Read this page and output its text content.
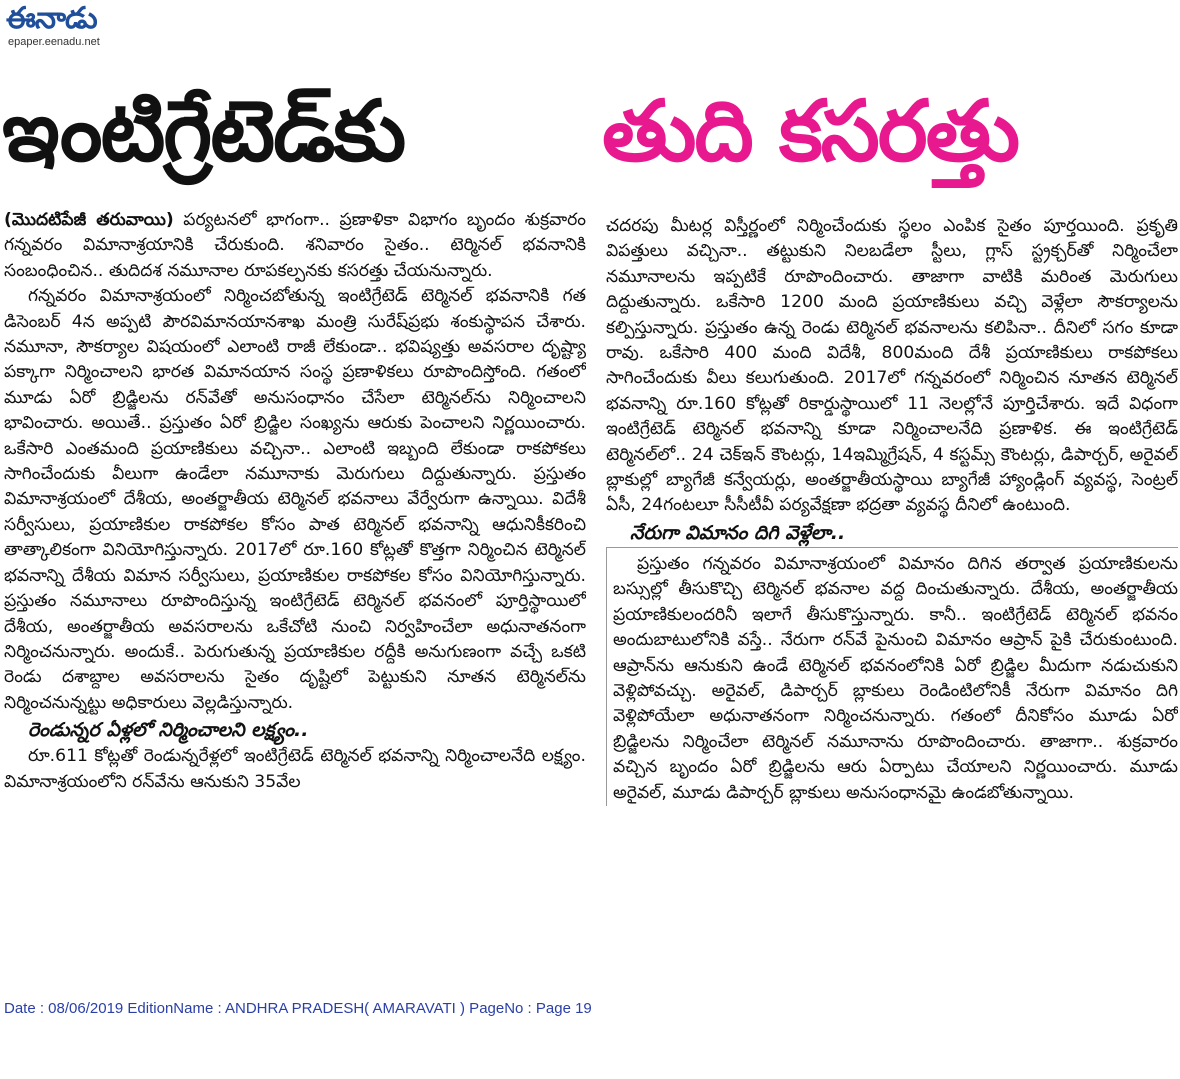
ఈనాడు
epaper.eenadu.net
ఇంటిగ్రేటెడ్‌కు తుది కసరత్తు

(మొదటిపేజీ తరువాయి) పర్యటనలో భాగంగా.. ప్రణాళికా విభాగం బృందం శుక్రవారం గన్నవరం విమానాశ్రయానికి చేరుకుంది. శనివారం సైతం.. టెర్మినల్‌ భవనానికి సంబంధించిన.. తుదిదశ నమూనాల రూపకల్పనకు కసరత్తు చేయనున్నారు.

గన్నవరం విమానాశ్రయంలో నిర్మించబోతున్న ఇంటిగ్రేటెడ్‌ టెర్మినల్‌ భవనానికి గత డిసెంబర్‌ 4న అప్పటి పౌరవిమానయానశాఖ మంత్రి సురేష్‌ప్రభు శంకుస్థాపన చేశారు. నమూనా, సౌకర్యాల విషయంలో ఎలాంటి రాజీ లేకుండా.. భవిష్యత్తు అవసరాల దృష్ట్యా పక్కాగా నిర్మించాలని భారత విమానయాన సంస్థ ప్రణాళికలు రూపొందిస్తోంది. గతంలో మూడు ఏరో బ్రిడ్జిలను రన్‌వేతో అనుసంధానం చేసేలా టెర్మినల్‌ను నిర్మించాలని భావించారు. అయితే.. ప్రస్తుతం ఏరో బ్రిడ్జిల సంఖ్యను ఆరుకు పెంచాలని నిర్ణయించారు. ఒకేసారి ఎంతమంది ప్రయాణికులు వచ్చినా.. ఎలాంటి ఇబ్బంది లేకుండా రాకపోకలు సాగించేందుకు వీలుగా ఉండేలా నమూనాకు మెరుగులు దిద్దుతున్నారు. ప్రస్తుతం విమానాశ్రయంలో దేశీయ, అంతర్జాతీయ టెర్మినల్‌ భవనాలు వేర్వేరుగా ఉన్నాయి. విదేశీ సర్వీసులు, ప్రయాణికుల రాకపోకల కోసం పాత టెర్మినల్‌ భవనాన్ని ఆధునికీకరించి తాత్కాలికంగా వినియోగిస్తున్నారు. 2017లో రూ.160 కోట్లతో కొత్తగా నిర్మించిన టెర్మినల్‌ భవనాన్ని దేశీయ విమాన సర్వీసులు, ప్రయాణికుల రాకపోకల కోసం వినియోగిస్తున్నారు. ప్రస్తుతం నమూనాలు రూపొందిస్తున్న ఇంటిగ్రేటెడ్‌ టెర్మినల్‌ భవనంలో పూర్తిస్థాయిలో దేశీయ, అంతర్జాతీయ అవసరాలను ఒకేచోటి నుంచి నిర్వహించేలా అధునాతనంగా నిర్మించనున్నారు. అందుకే.. పెరుగుతున్న ప్రయాణికుల రద్దీకి అనుగుణంగా వచ్చే ఒకటి రెండు దశాబ్దాల అవసరాలను సైతం దృష్టిలో పెట్టుకుని నూతన టెర్మినల్‌ను నిర్మించనున్నట్టు అధికారులు వెల్లడిస్తున్నారు.

రెండున్నర ఏళ్లలో నిర్మించాలని లక్ష్యం..

రూ.611 కోట్లతో రెండున్నరేళ్లలో ఇంటిగ్రేటెడ్‌ టెర్మినల్‌ భవనాన్ని నిర్మించాలనేది లక్ష్యం. విమానాశ్రయంలోని రన్‌వేను ఆనుకుని 35వేల

చదరపు మీటర్ల విస్తీర్ణంలో నిర్మించేందుకు స్థలం ఎంపిక సైతం పూర్తయింది. ప్రకృతి విపత్తులు వచ్చినా.. తట్టుకుని నిలబడేలా స్టీలు, గ్లాస్‌ స్ట్రక్చర్‌తో నిర్మించేలా నమూనాలను ఇప్పటికే రూపొందించారు. తాజాగా వాటికి మరింత మెరుగులు దిద్దుతున్నారు. ఒకేసారి 1200 మంది ప్రయాణికులు వచ్చి వెళ్లేలా సౌకర్యాలను కల్పిస్తున్నారు. ప్రస్తుతం ఉన్న రెండు టెర్మినల్‌ భవనాలను కలిపినా.. దీనిలో సగం కూడా రావు. ఒకేసారి 400 మంది విదేశీ, 800మంది దేశీ ప్రయాణికులు రాకపోకలు సాగించేందుకు వీలు కలుగుతుంది. 2017లో గన్నవరంలో నిర్మించిన నూతన టెర్మినల్‌ భవనాన్ని రూ.160 కోట్లతో రికార్డుస్థాయిలో 11 నెలల్లోనే పూర్తిచేశారు. ఇదే విధంగా ఇంటిగ్రేటెడ్‌ టెర్మినల్‌ భవనాన్ని కూడా నిర్మించాలనేది ప్రణాళిక. ఈ ఇంటిగ్రేటెడ్‌ టెర్మినల్‌లో.. 24 చెక్‌ఇన్‌ కౌంటర్లు, 14ఇమ్మిగ్రేషన్‌, 4 కస్టమ్స్‌ కౌంటర్లు, డిపార్చర్‌, అరైవల్‌ బ్లాకుల్లో బ్యాగేజీ కన్వేయర్లు, అంతర్జాతీయస్థాయి బ్యాగేజీ హ్యాండ్లింగ్‌ వ్యవస్థ, సెంట్రల్‌ ఏసీ, 24గంటలూ సీసీటీవీ పర్యవేక్షణా భద్రతా వ్యవస్థ దీనిలో ఉంటుంది.

నేరుగా విమానం దిగి వెళ్లేలా..

ప్రస్తుతం గన్నవరం విమానాశ్రయంలో విమానం దిగిన తర్వాత ప్రయాణికులను బస్సుల్లో తీసుకొచ్చి టెర్మినల్‌ భవనాల వద్ద దించుతున్నారు. దేశీయ, అంతర్జాతీయ ప్రయాణికులందరినీ ఇలాగే తీసుకొస్తున్నారు. కానీ.. ఇంటిగ్రేటెడ్‌ టెర్మినల్‌ భవనం అందుబాటులోనికి వస్తే.. నేరుగా రన్‌వే పైనుంచి విమానం ఆప్రాన్‌ పైకి చేరుకుంటుంది. ఆప్రాన్‌ను ఆనుకుని ఉండే టెర్మినల్‌ భవనంలోనికి ఏరో బ్రిడ్జిల మీదుగా నడుచుకుని వెళ్లిపోవచ్చు. అరైవల్‌, డిపార్చర్‌ బ్లాకులు రెండింటిలోనికీ నేరుగా విమానం దిగి వెళ్లిపోయేలా అధునాతనంగా నిర్మించనున్నారు. గతంలో దీనికోసం మూడు ఏరో బ్రిడ్జిలను నిర్మించేలా టెర్మినల్‌ నమూనాను రూపొందించారు. తాజాగా.. శుక్రవారం వచ్చిన బృందం ఏరో బ్రిడ్జిలను ఆరు ఏర్పాటు చేయాలని నిర్ణయించారు. మూడు అరైవల్‌, మూడు డిపార్చర్‌ బ్లాకులు అనుసంధానమై ఉండబోతున్నాయి.

Date : 08/06/2019 EditionName : ANDHRA PRADESH( AMARAVATI ) PageNo : Page 19
